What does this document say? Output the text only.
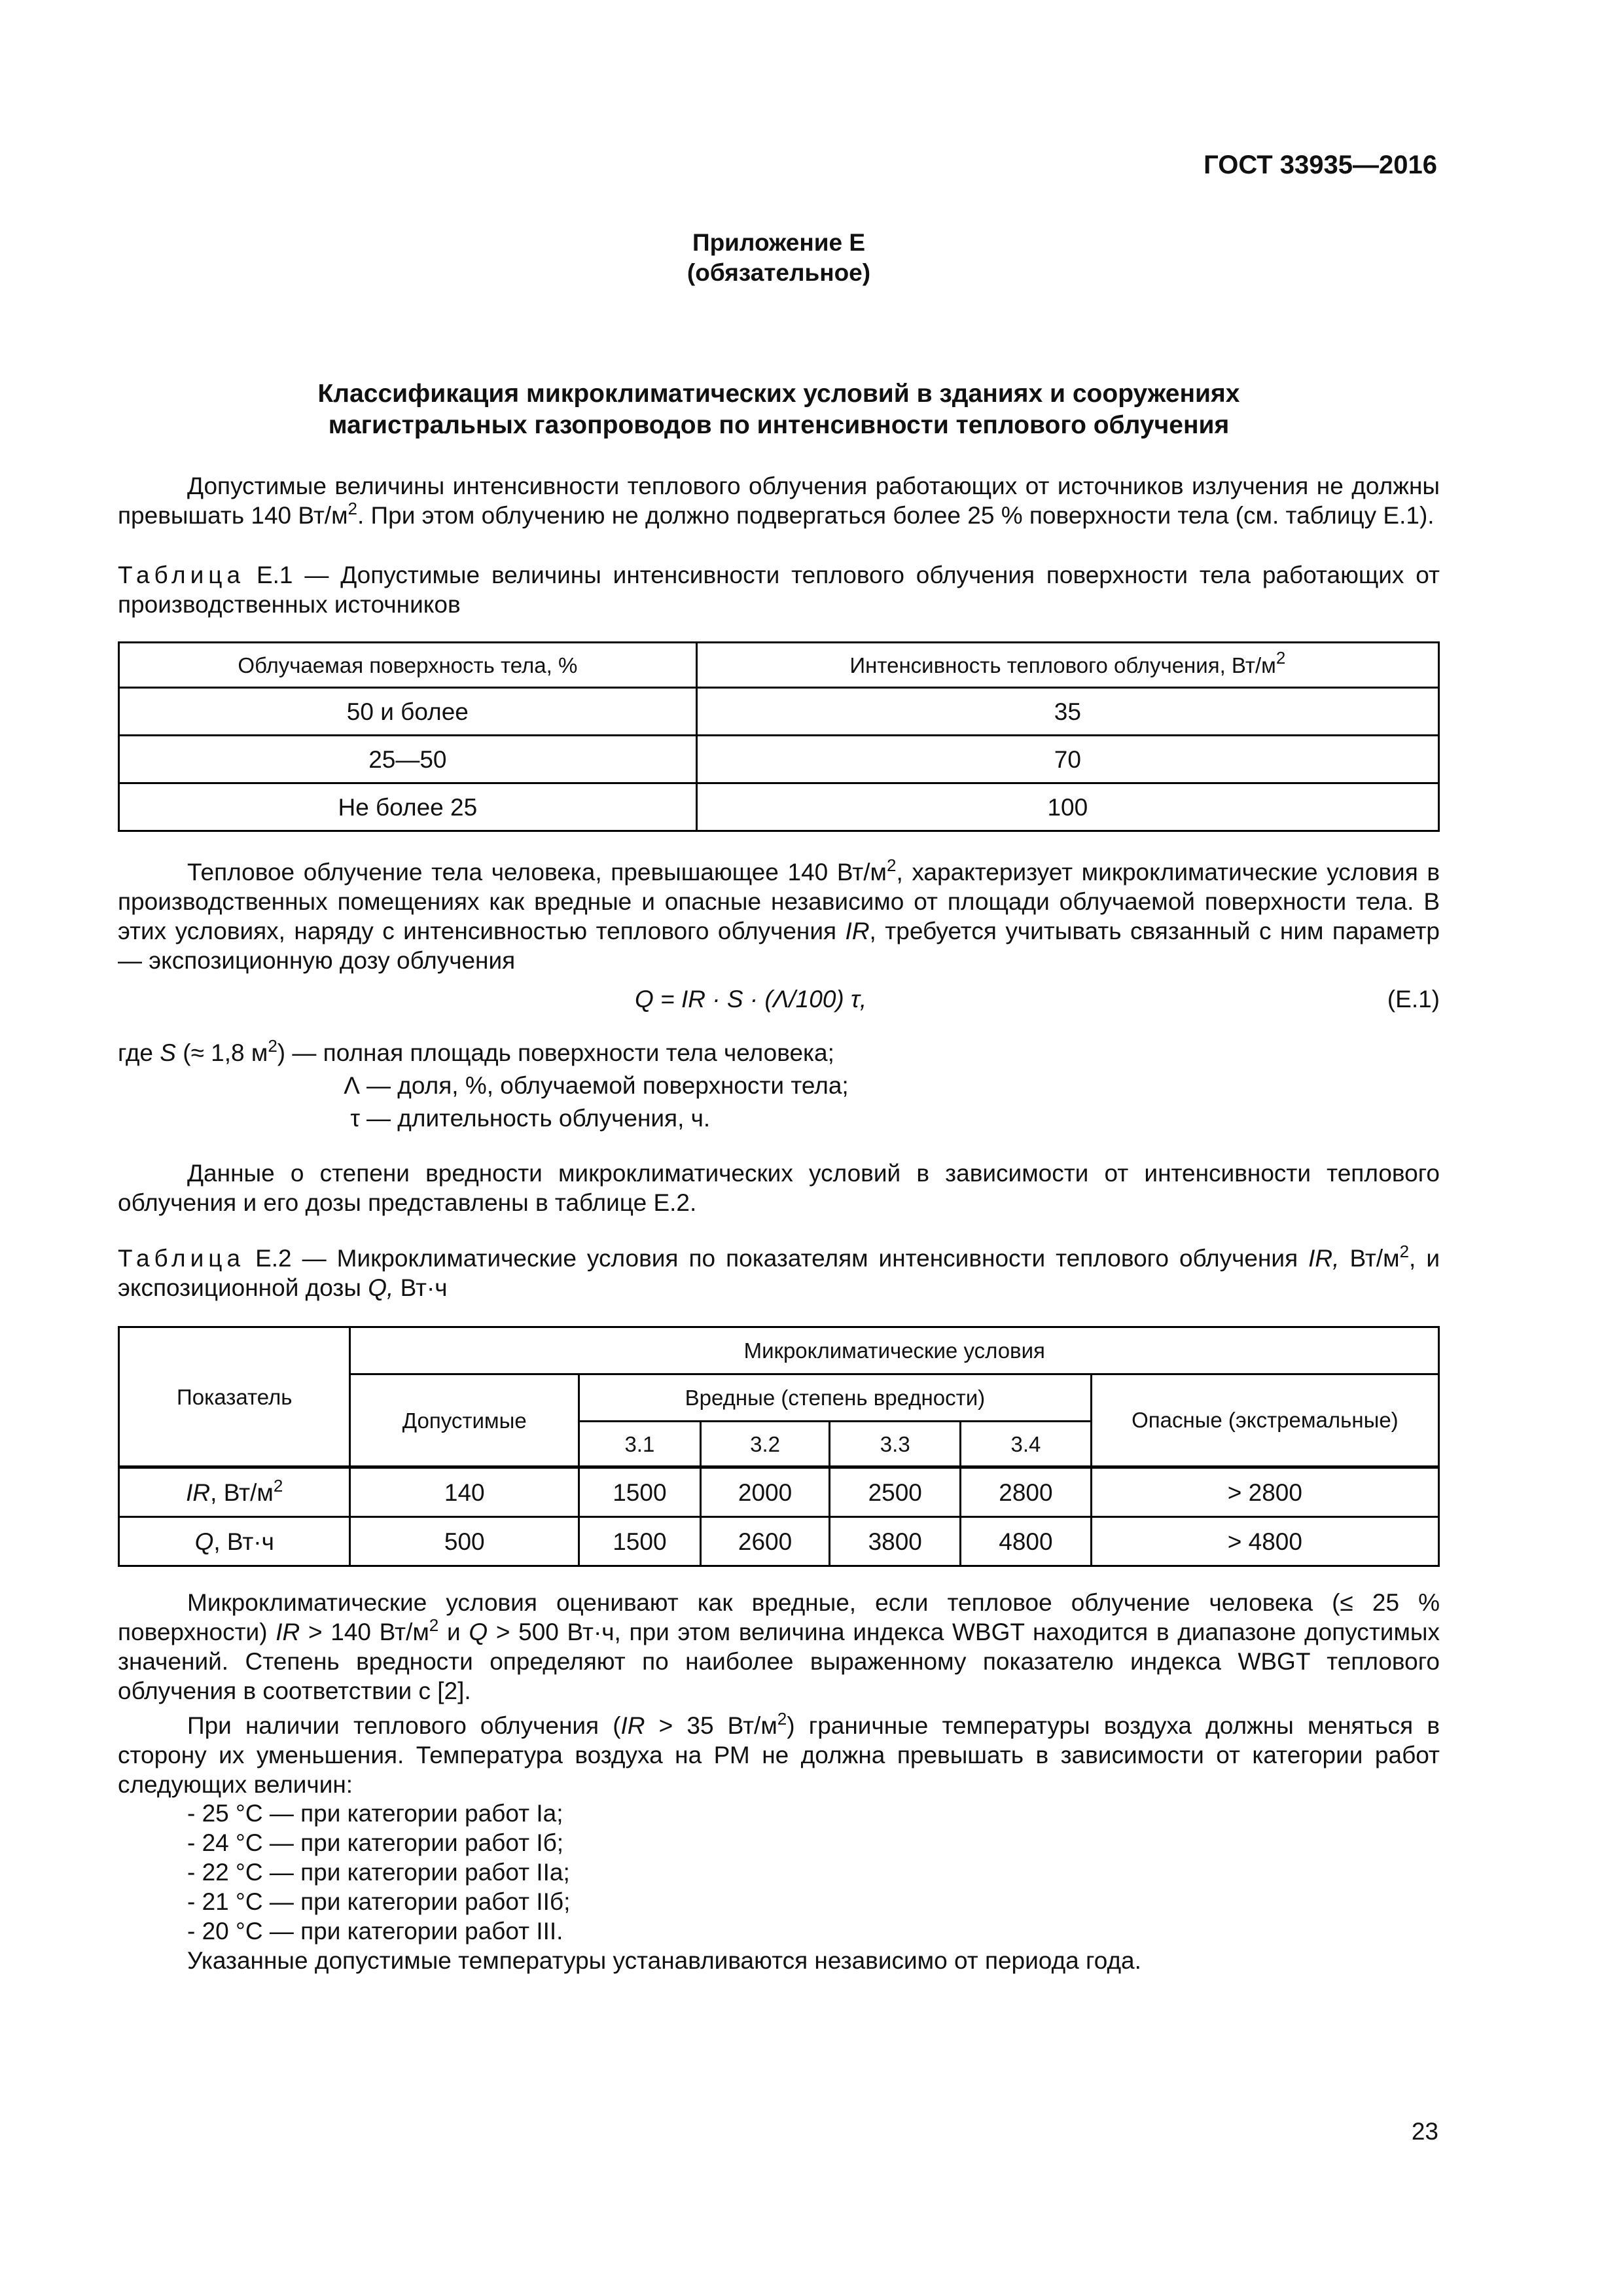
ГОСТ 33935—2016
Приложение Е
(обязательное)
Классификация микроклиматических условий в зданиях и сооружениях
магистральных газопроводов по интенсивности теплового облучения
Допустимые величины интенсивности теплового облучения работающих от источников излучения не должны превышать 140 $Вт/м^2$. При этом облучению не должно подвергаться более 25 % поверхности тела (см. таблицу Е.1).
Таблица Е.1 — Допустимые величины интенсивности теплового облучения поверхности тела работающих от производственных источников
Облучаемая поверхность тела, %	Интенсивность теплового облучения, $Вт/м^2$
50 и более	35
25—50	70
Не более 25	100
Тепловое облучение тела человека, превышающее 140 $Вт/м^2$, характеризует микроклиматические условия в производственных помещениях как вредные и опасные независимо от площади облучаемой поверхности тела. В этих условиях, наряду с интенсивностью теплового облучения IR, требуется учитывать связанный с ним параметр — экспозиционную дозу облучения
Q = IR · S · (Λ/100) τ,	(Е.1)
где S (≈ 1,8 $м^2$) — полная площадь поверхности тела человека;
Λ — доля, %, облучаемой поверхности тела;
τ — длительность облучения, ч.
Данные о степени вредности микроклиматических условий в зависимости от интенсивности теплового облучения и его дозы представлены в таблице Е.2.
Таблица Е.2 — Микроклиматические условия по показателям интенсивности теплового облучения IR, $Вт/м^2$, и экспозиционной дозы Q, Вт·ч
Показатель	Микроклиматические условия					
	Допустимые	Вредные (степень вредности)				Опасные (экстремальные)
		3.1	3.2	3.3	3.4	
IR, $Вт/м^2$	140	1500	2000	2500	2800	> 2800
Q, Вт·ч	500	1500	2600	3800	4800	> 4800
Микроклиматические условия оценивают как вредные, если тепловое облучение человека (≤ 25 % поверхности) IR > 140 $Вт/м^2$ и Q > 500 Вт·ч, при этом величина индекса WBGT находится в диапазоне допустимых значений. Степень вредности определяют по наиболее выраженному показателю индекса WBGT теплового облучения в соответствии с [2].
При наличии теплового облучения (IR > 35 $Вт/м^2$) граничные температуры воздуха должны меняться в сторону их уменьшения. Температура воздуха на РМ не должна превышать в зависимости от категории работ следующих величин:
- 25 °С — при категории работ Ia;
- 24 °С — при категории работ Iб;
- 22 °С — при категории работ IIa;
- 21 °С — при категории работ IIб;
- 20 °С — при категории работ III.
Указанные допустимые температуры устанавливаются независимо от периода года.
23
